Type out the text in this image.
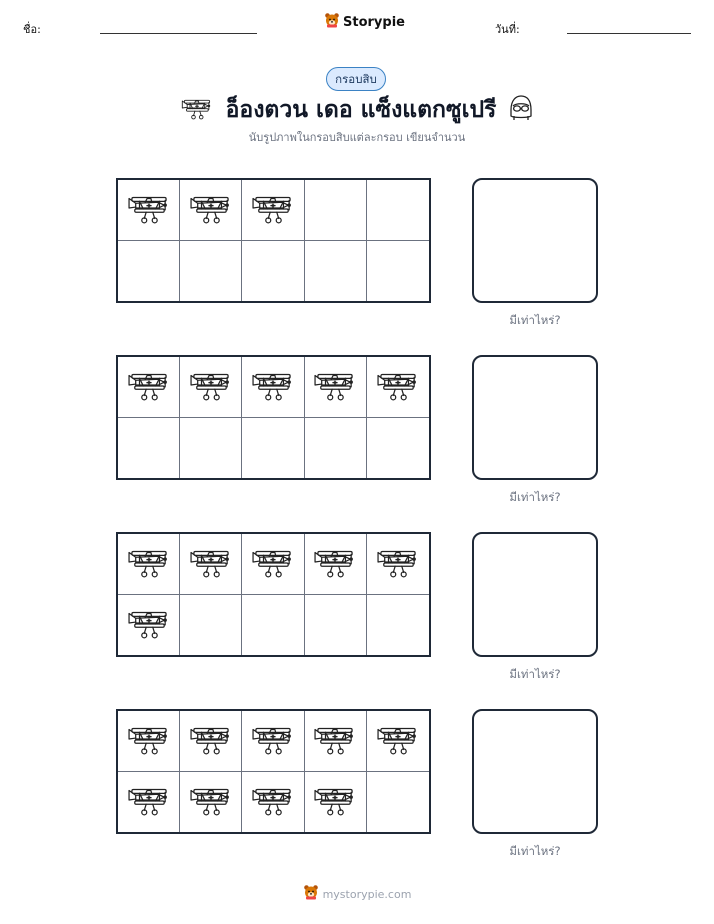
ชื่อ:	Storypie	วันที่:
กรอบสิบ
อ็องตวน เดอ แซ็งแตกซูเปรี
นับรูปภาพในกรอบสิบแต่ละกรอบ เขียนจำนวน
มีเท่าไหร่?
มีเท่าไหร่?
มีเท่าไหร่?
มีเท่าไหร่?
mystorypie.com
